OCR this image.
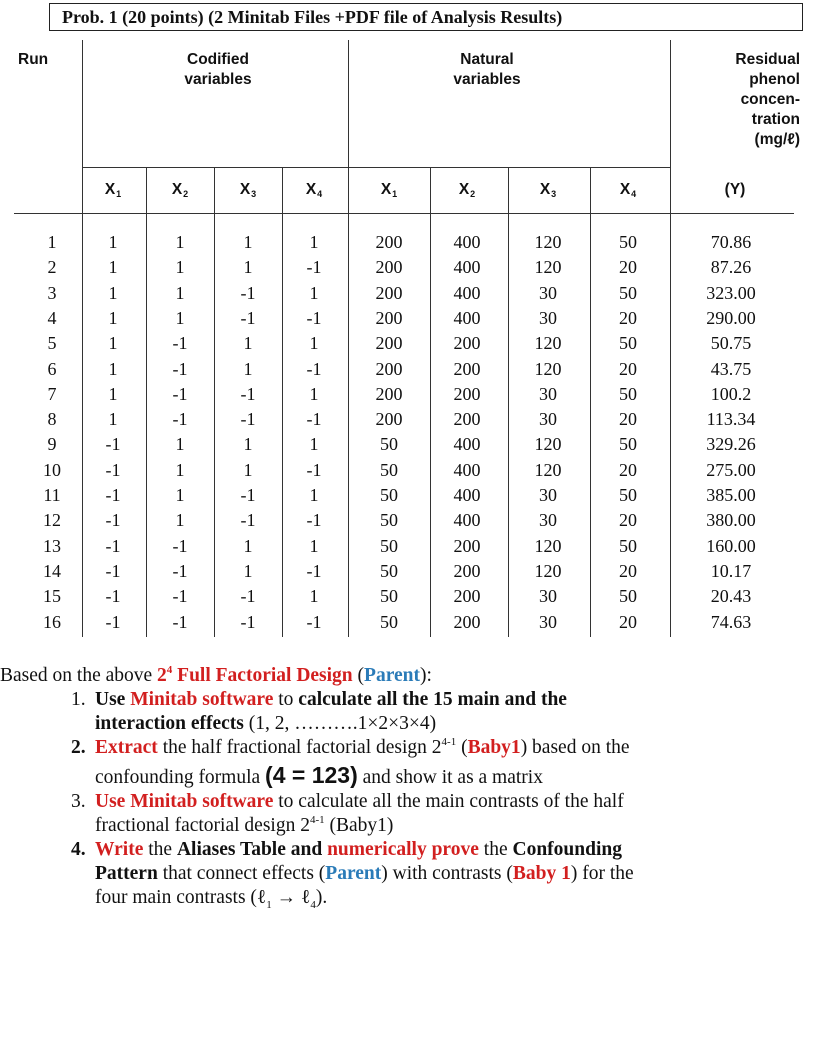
Prob. 1 (20 points) (2 Minitab Files +PDF file of Analysis Results)
Run	Codified variables
Natural variables
Residual
phenol
concen-
tration
(mg/ℓ)
$X_1$	$X_2$	$X_3$	$X_4$	$X_1$	$X_2$	$X_3$	$X_4$	(Y)
1	1	1	1	1	200	400	120	50	70.86
2	1	1	1	-1	200	400	120	20	87.26
3	1	1	-1	1	200	400	30	50	323.00
4	1	1	-1	-1	200	400	30	20	290.00
5	1	-1	1	1	200	200	120	50	50.75
6	1	-1	1	-1	200	200	120	20	43.75
7	1	-1	-1	1	200	200	30	50	100.2
8	1	-1	-1	-1	200	200	30	20	113.34
9	-1	1	1	1	50	400	120	50	329.26
10	-1	1	1	-1	50	400	120	20	275.00
11	-1	1	-1	1	50	400	30	50	385.00
12	-1	1	-1	-1	50	400	30	20	380.00
13	-1	-1	1	1	50	200	120	50	160.00
14	-1	-1	1	-1	50	200	120	20	10.17
15	-1	-1	-1	1	50	200	30	50	20.43
16	-1	-1	-1	-1	50	200	30	20	74.63
Based on the above $2^4$ Full Factorial Design (Parent):
1. Use Minitab software to calculate all the 15 main and the
interaction effects (1, 2, ……….1×2×3×4)
2. Extract the half fractional factorial design 2$^{4-1}$ (Baby1) based on the
confounding formula (4 = 123) and show it as a matrix
3. Use Minitab software to calculate all the main contrasts of the half
fractional factorial design 2$^{4-1}$ (Baby1)
4. Write the Aliases Table and numerically prove the Confounding
Pattern that connect effects (Parent) with contrasts (Baby 1) for the
four main contrasts (ℓ$_1$ → ℓ$_4$).
